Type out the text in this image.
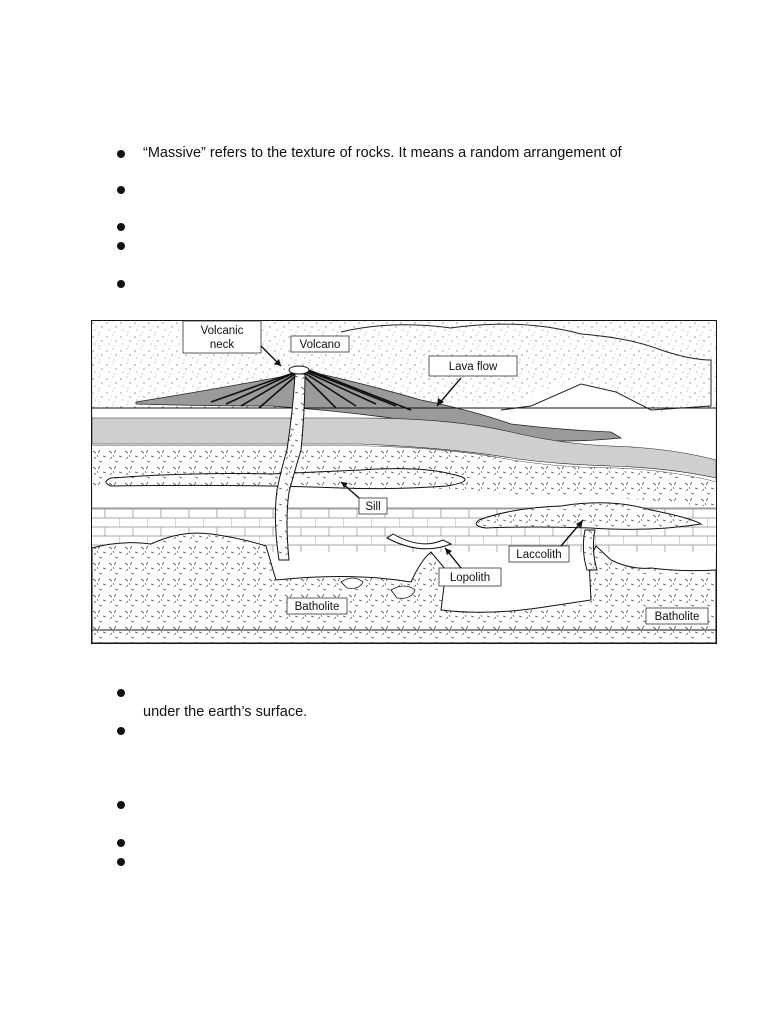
“Massive” refers to the texture of rocks. It means a random arrangement of
Volcanic
neck	Volcano
Lava flow
Sill
Laccolith
Lopolith
Batholite
Batholite
under the earth’s surface.
